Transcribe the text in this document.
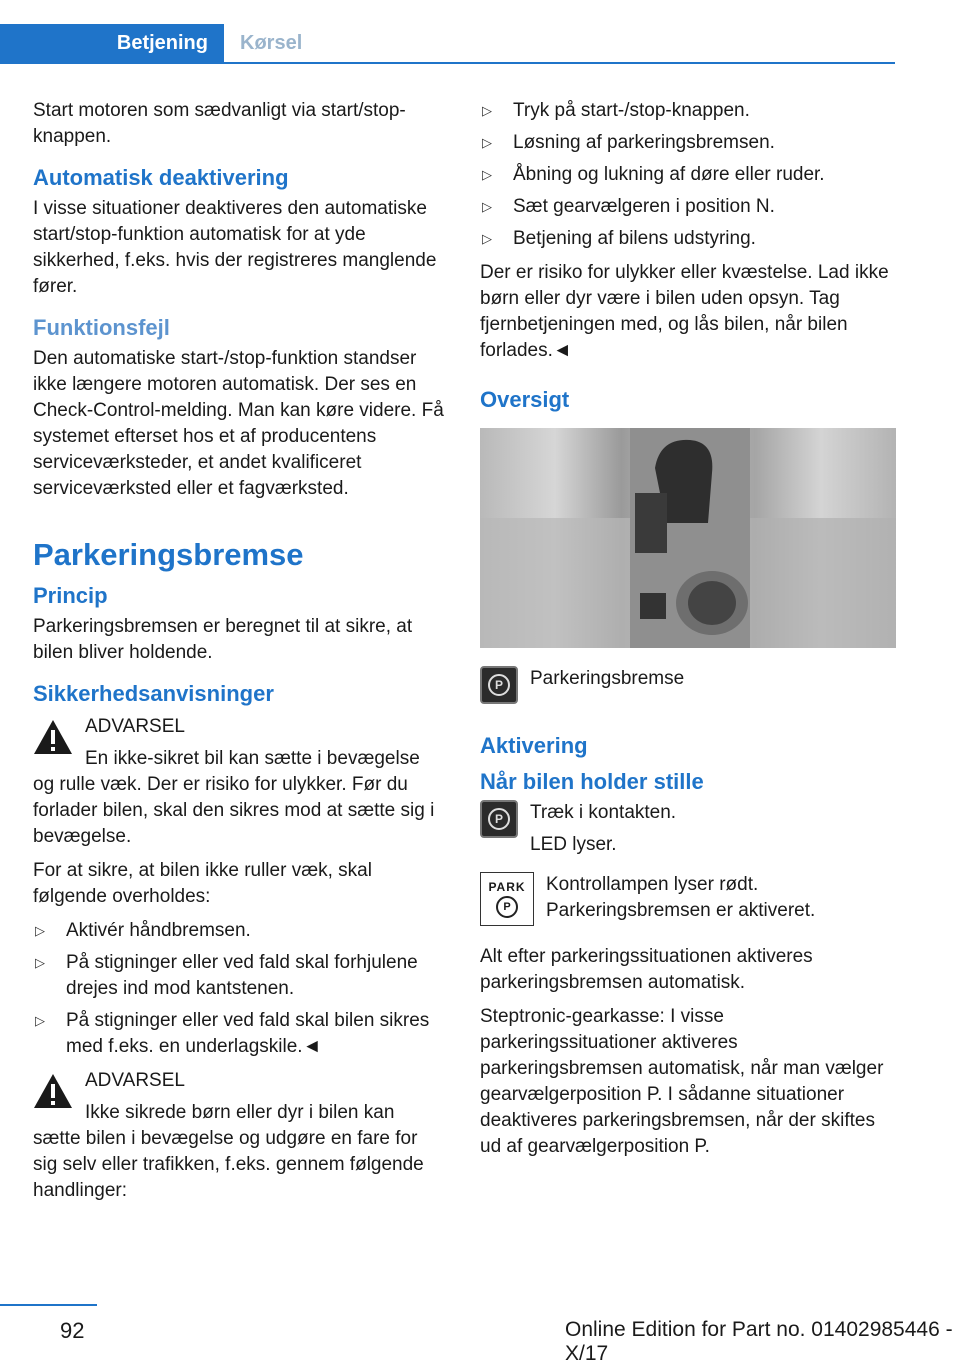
Betjening	Kørsel

Start motoren som sædvanligt via start/stop-knappen.

Automatisk deaktivering

I visse situationer deaktiveres den automatiske start/stop-funktion automatisk for at yde sikkerhed, f.eks. hvis der registreres manglende fører.

Funktionsfejl

Den automatiske start-/stop-funktion standser ikke længere motoren automatisk. Der ses en Check-Control-melding. Man kan køre videre. Få systemet efterset hos et af producentens serviceværksteder, et andet kvalificeret serviceværksted eller et fagværksted.

Parkeringsbremse
Princip

Parkeringsbremsen er beregnet til at sikre, at bilen bliver holdende.

Sikkerhedsanvisninger
ADVARSEL

En ikke-sikret bil kan sætte i bevægelse og rulle væk. Der er risiko for ulykker. Før du forlader bilen, skal den sikres mod at sætte sig i bevægelse.

For at sikre, at bilen ikke ruller væk, skal følgende overholdes:

▷ Aktivér håndbremsen.
▷ På stigninger eller ved fald skal forhjulene drejes ind mod kantstenen.
▷ På stigninger eller ved fald skal bilen sikres med f.eks. en underlagskile.◄
ADVARSEL

Ikke sikrede børn eller dyr i bilen kan sætte bilen i bevægelse og udgøre en fare for sig selv eller trafikken, f.eks. gennem følgende handlinger:

▷ Tryk på start-/stop-knappen.
▷ Løsning af parkeringsbremsen.
▷ Åbning og lukning af døre eller ruder.
▷ Sæt gearvælgeren i position N.
▷ Betjening af bilens udstyring.

Der er risiko for ulykker eller kvæstelse. Lad ikke børn eller dyr være i bilen uden opsyn. Tag fjernbetjeningen med, og lås bilen, når bilen forlades.◄

Oversigt
P	Parkeringsbremse
Aktivering
Når bilen holder stille
P	Træk i kontakten.

LED lyser.

PARK
P

Kontrollampen lyser rødt. Parkeringsbremsen er aktiveret.

Alt efter parkeringssituationen aktiveres parkeringsbremsen automatisk.

Steptronic-gearkasse: I visse parkeringssituationer aktiveres parkeringsbremsen automatisk, når man vælger gearvælgerposition P. I sådanne situationer deaktiveres parkeringsbremsen, når der skiftes ud af gearvælgerposition P.

92	Online Edition for Part no. 01402985446 - X/17
